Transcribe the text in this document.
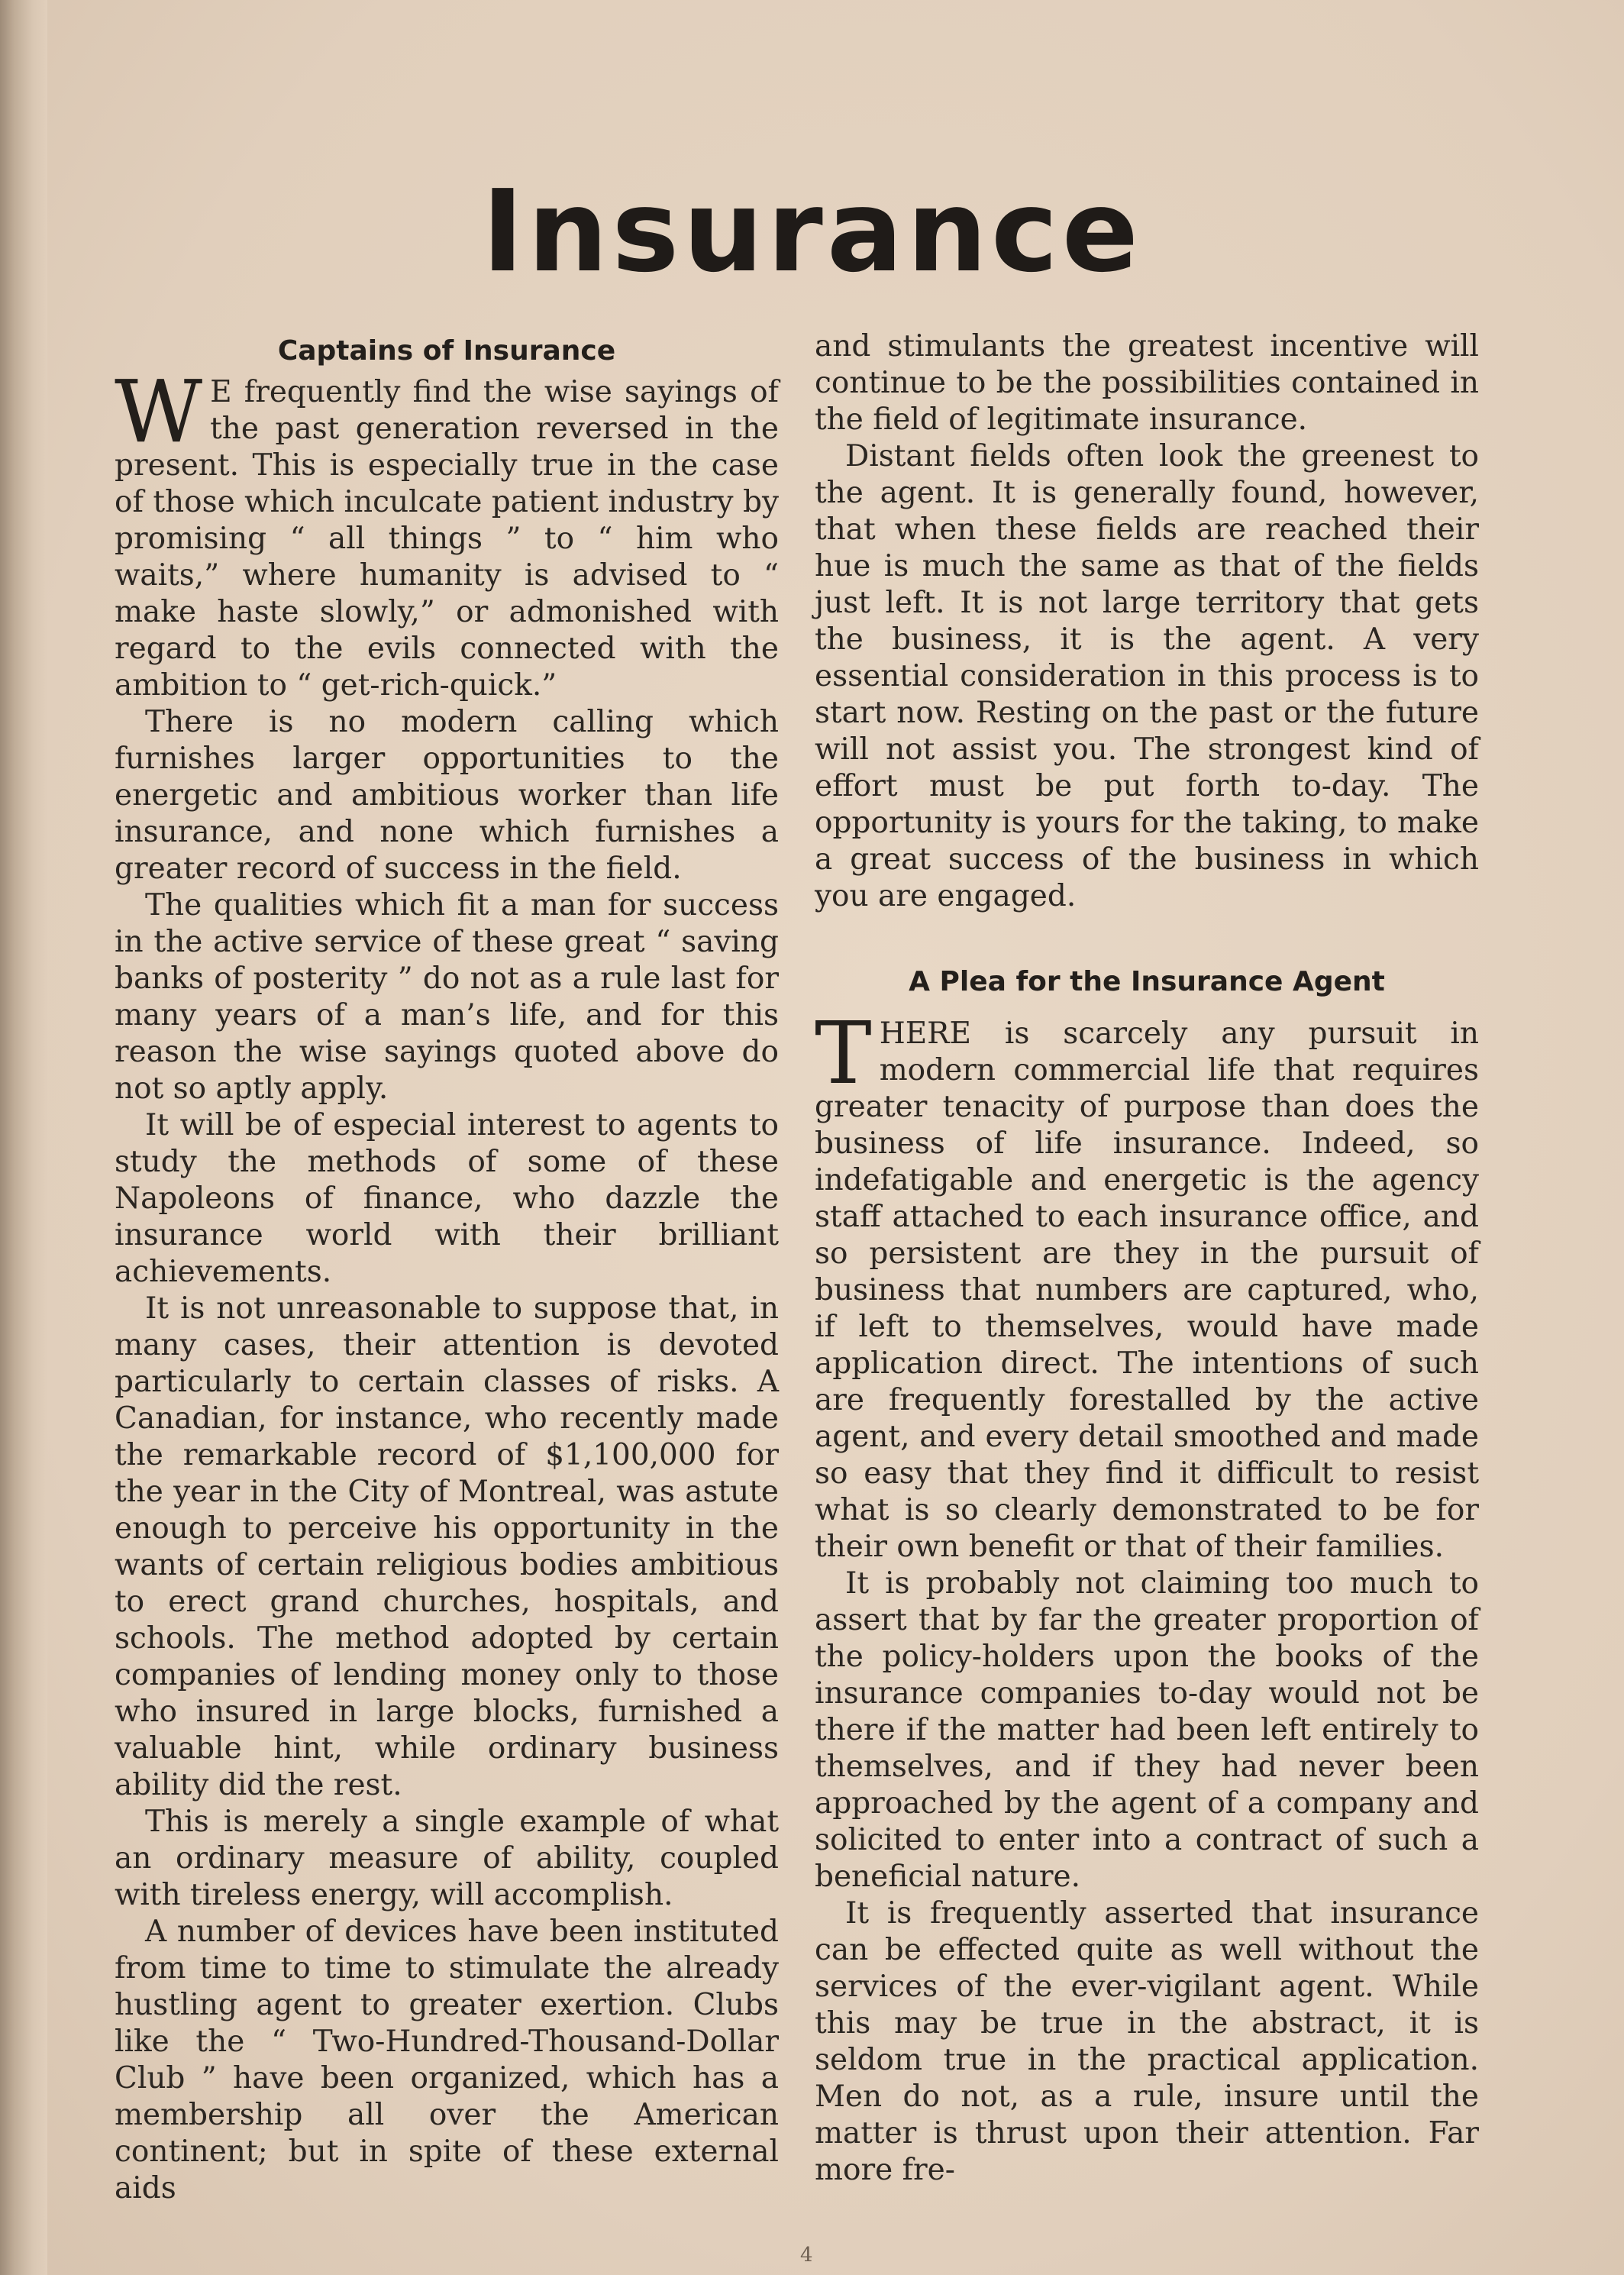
Insurance
Captains of Insurance

W E frequently find the wise sayings of the past generation reversed in the present. This is especially true in the case of those which inculcate patient industry by promising “ all things ” to “ him who waits,” where humanity is advised to “ make haste slowly,” or admonished with regard to the evils connected with the ambition to “ get-rich-quick.”

There is no modern calling which furnishes larger opportunities to the energetic and ambitious worker than life insurance, and none which furnishes a greater record of success in the field.

The qualities which fit a man for success in the active service of these great “ saving banks of posterity ” do not as a rule last for many years of a man’s life, and for this reason the wise sayings quoted above do not so aptly apply.

It will be of especial interest to agents to study the methods of some of these Napoleons of finance, who dazzle the insurance world with their brilliant achievements.

It is not unreasonable to suppose that, in many cases, their attention is devoted particularly to certain classes of risks. A Canadian, for instance, who recently made the remarkable record of $1,100,000 for the year in the City of Montreal, was astute enough to perceive his opportunity in the wants of certain religious bodies ambitious to erect grand churches, hospitals, and schools. The method adopted by certain companies of lending money only to those who insured in large blocks, furnished a valuable hint, while ordinary business ability did the rest.

This is merely a single example of what an ordinary measure of ability, coupled with tireless energy, will accomplish.

A number of devices have been instituted from time to time to stimulate the already hustling agent to greater exertion. Clubs like the “ Two-Hundred-Thousand-Dollar Club ” have been organized, which has a membership all over the American continent; but in spite of these external aids

and stimulants the greatest incentive will continue to be the possibilities contained in the field of legitimate insurance.

Distant fields often look the greenest to the agent. It is generally found, however, that when these fields are reached their hue is much the same as that of the fields just left. It is not large territory that gets the business, it is the agent. A very essential consideration in this process is to start now. Resting on the past or the future will not assist you. The strongest kind of effort must be put forth to-day. The opportunity is yours for the taking, to make a great success of the business in which you are engaged.

A Plea for the Insurance Agent

THERE is scarcely any pursuit in modern commercial life that requires greater tenacity of purpose than does the business of life insurance. Indeed, so indefatigable and energetic is the agency staff attached to each insurance office, and so persistent are they in the pursuit of business that numbers are captured, who, if left to themselves, would have made application direct. The intentions of such are frequently forestalled by the active agent, and every detail smoothed and made so easy that they find it difficult to resist what is so clearly demonstrated to be for their own benefit or that of their families.

It is probably not claiming too much to assert that by far the greater proportion of the policy-holders upon the books of the insurance companies to-day would not be there if the matter had been left entirely to themselves, and if they had never been approached by the agent of a company and solicited to enter into a contract of such a beneficial nature.

It is frequently asserted that insurance can be effected quite as well without the services of the ever-vigilant agent. While this may be true in the abstract, it is seldom true in the practical application. Men do not, as a rule, insure until the matter is thrust upon their attention. Far more fre-

4
